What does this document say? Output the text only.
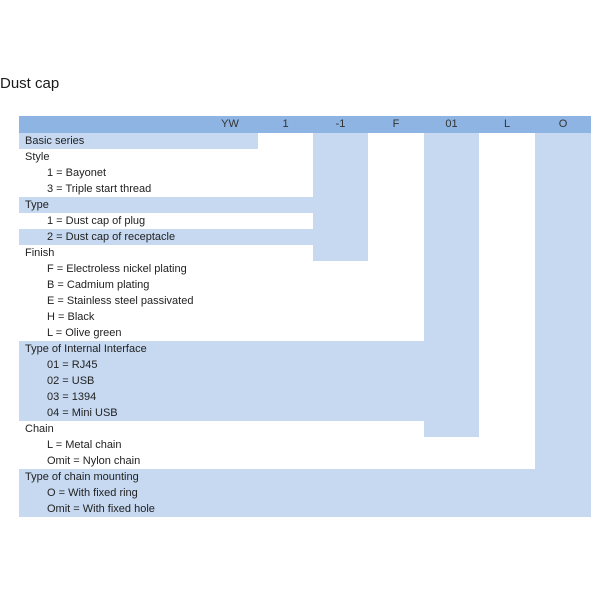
Dust cap
YW	1	-1	F	01	L	O
Basic series
Style
1 = Bayonet
3 = Triple start thread
Type
1 = Dust cap of plug
2 = Dust cap of receptacle
Finish
F = Electroless nickel plating
B = Cadmium plating
E = Stainless steel passivated
H = Black
L = Olive green
Type of Internal Interface
01 = RJ45
02 = USB
03 = 1394
04 = Mini USB
Chain
L = Metal chain
Omit = Nylon chain
Type of chain mounting
O = With fixed ring
Omit = With fixed hole
